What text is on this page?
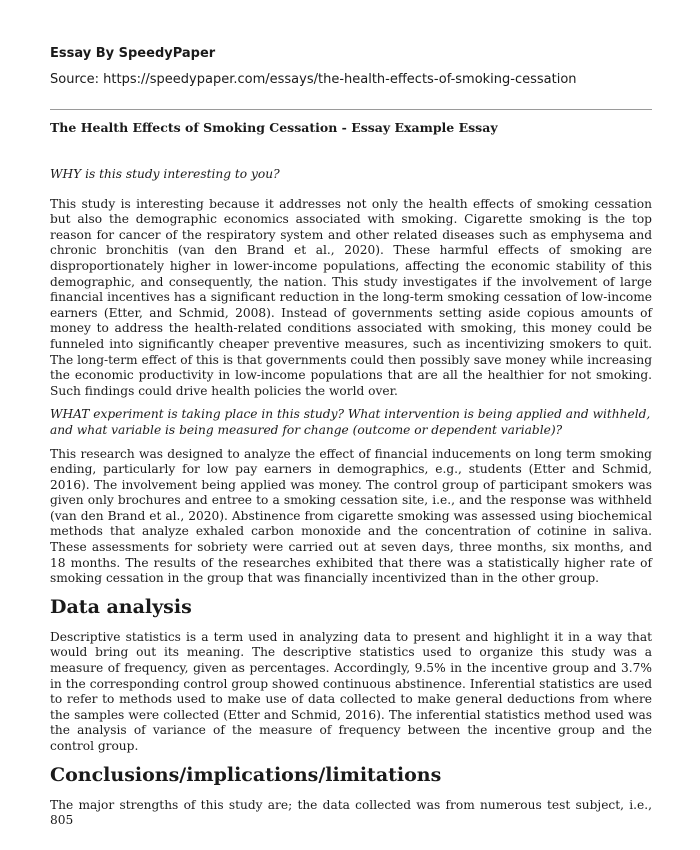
Essay By SpeedyPaper
Source: https://speedypaper.com/essays/the-health-effects-of-smoking-cessation
The Health Effects of Smoking Cessation - Essay Example Essay

WHY is this study interesting to you?

This study is interesting because it addresses not only the health effects of smoking cessation but also the demographic economics associated with smoking. Cigarette smoking is the top reason for cancer of the respiratory system and other related diseases such as emphysema and chronic bronchitis (van den Brand et al., 2020). These harmful effects of smoking are disproportionately higher in lower-income populations, affecting the economic stability of this demographic, and consequently, the nation. This study investigates if the involvement of large financial incentives has a significant reduction in the long-term smoking cessation of low-income earners (Etter, and Schmid, 2008). Instead of governments setting aside copious amounts of money to address the health-related conditions associated with smoking, this money could be funneled into significantly cheaper preventive measures, such as incentivizing smokers to quit. The long-term effect of this is that governments could then possibly save money while increasing the economic productivity in low-income populations that are all the healthier for not smoking. Such findings could drive health policies the world over.

WHAT experiment is taking place in this study? What intervention is being applied and withheld, and what variable is being measured for change (outcome or dependent variable)?

This research was designed to analyze the effect of financial inducements on long term smoking ending, particularly for low pay earners in demographics, e.g., students (Etter and Schmid, 2016). The involvement being applied was money. The control group of participant smokers was given only brochures and entree to a smoking cessation site, i.e., and the response was withheld (van den Brand et al., 2020). Abstinence from cigarette smoking was assessed using biochemical methods that analyze exhaled carbon monoxide and the concentration of cotinine in saliva. These assessments for sobriety were carried out at seven days, three months, six months, and 18 months. The results of the researches exhibited that there was a statistically higher rate of smoking cessation in the group that was financially incentivized than in the other group.

Data analysis

Descriptive statistics is a term used in analyzing data to present and highlight it in a way that would bring out its meaning. The descriptive statistics used to organize this study was a measure of frequency, given as percentages. Accordingly, 9.5% in the incentive group and 3.7% in the corresponding control group showed continuous abstinence. Inferential statistics are used to refer to methods used to make use of data collected to make general deductions from where the samples were collected (Etter and Schmid, 2016). The inferential statistics method used was the analysis of variance of the measure of frequency between the incentive group and the control group.

Conclusions/implications/limitations

The major strengths of this study are; the data collected was from numerous test subject, i.e., 805
